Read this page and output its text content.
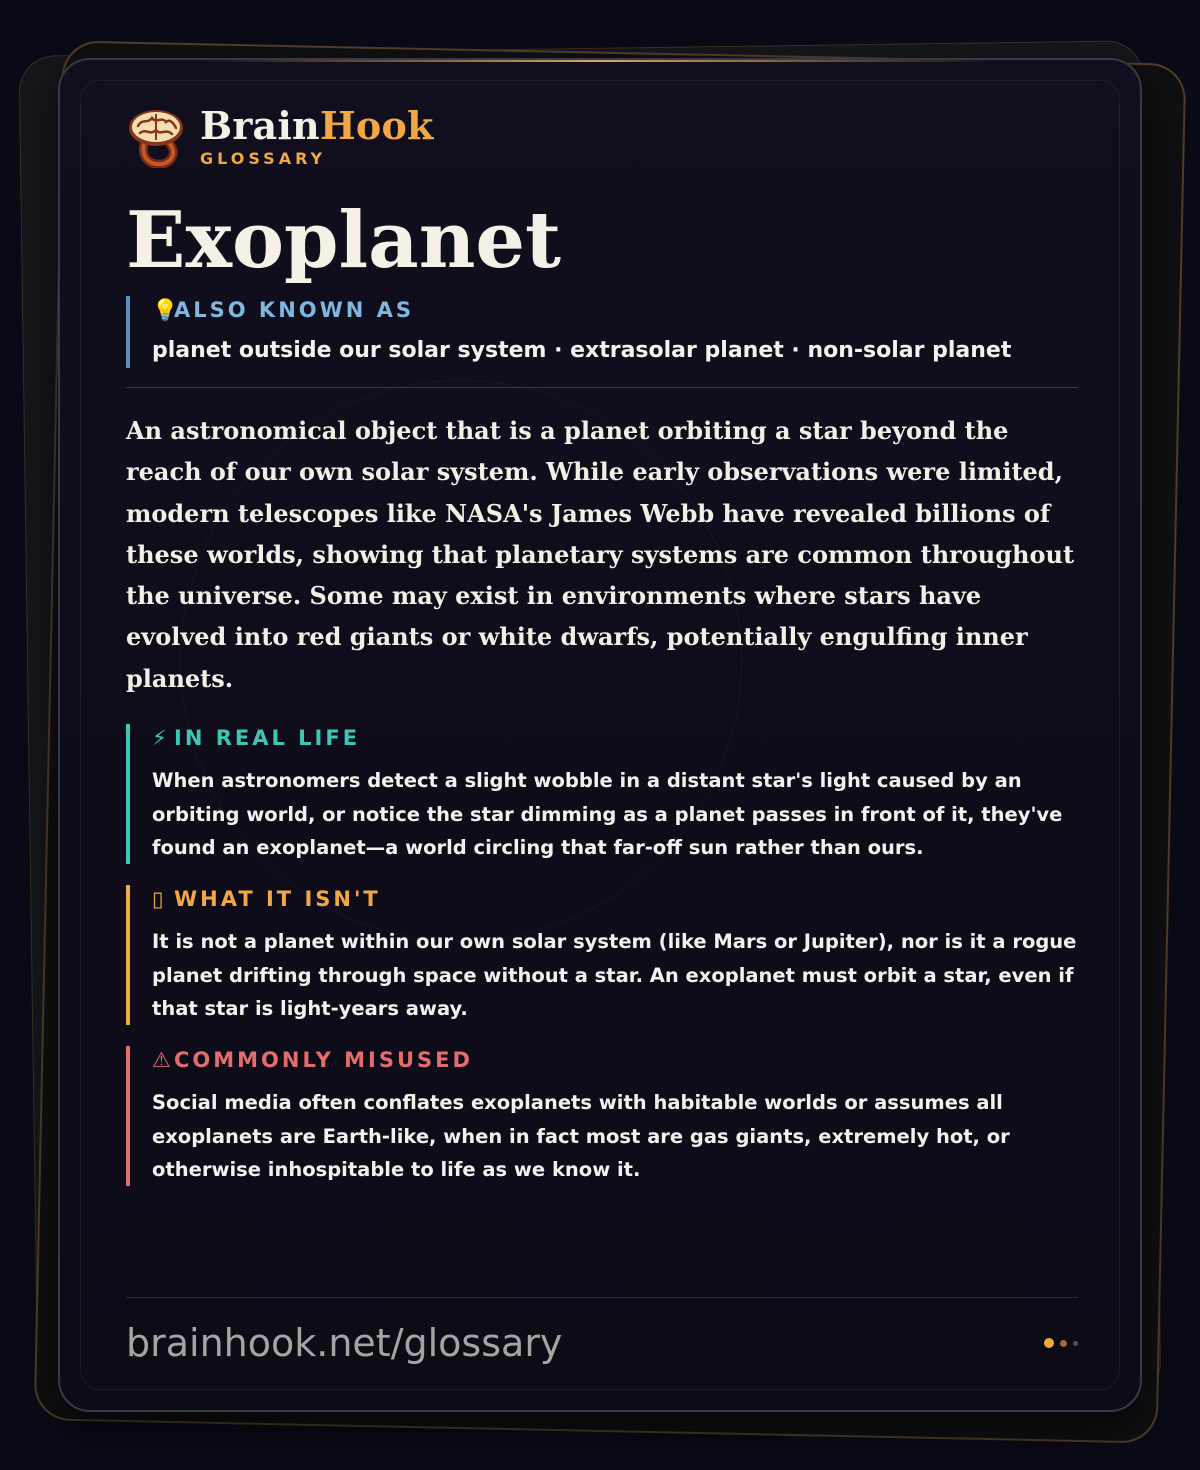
BrainHook
GLOSSARY
Exoplanet
💡ALSO KNOWN AS
planet outside our solar system · extrasolar planet · non-solar planet

An astronomical object that is a planet orbiting a star beyond the reach of our own solar system. While early observations were limited, modern telescopes like NASA's James Webb have revealed billions of these worlds, showing that planetary systems are common throughout the universe. Some may exist in environments where stars have evolved into red giants or white dwarfs, potentially engulfing inner planets.

⚡ IN REAL LIFE
When astronomers detect a slight wobble in a distant star's light caused by an orbiting world, or notice the star dimming as a planet passes in front of it, they've found an exoplanet—a world circling that far-off sun rather than ours.
▯ WHAT IT ISN'T
It is not a planet within our own solar system (like Mars or Jupiter), nor is it a rogue planet drifting through space without a star. An exoplanet must orbit a star, even if that star is light-years away.
⚠ COMMONLY MISUSED
Social media often conflates exoplanets with habitable worlds or assumes all exoplanets are Earth-like, when in fact most are gas giants, extremely hot, or otherwise inhospitable to life as we know it.
brainhook.net/glossary
